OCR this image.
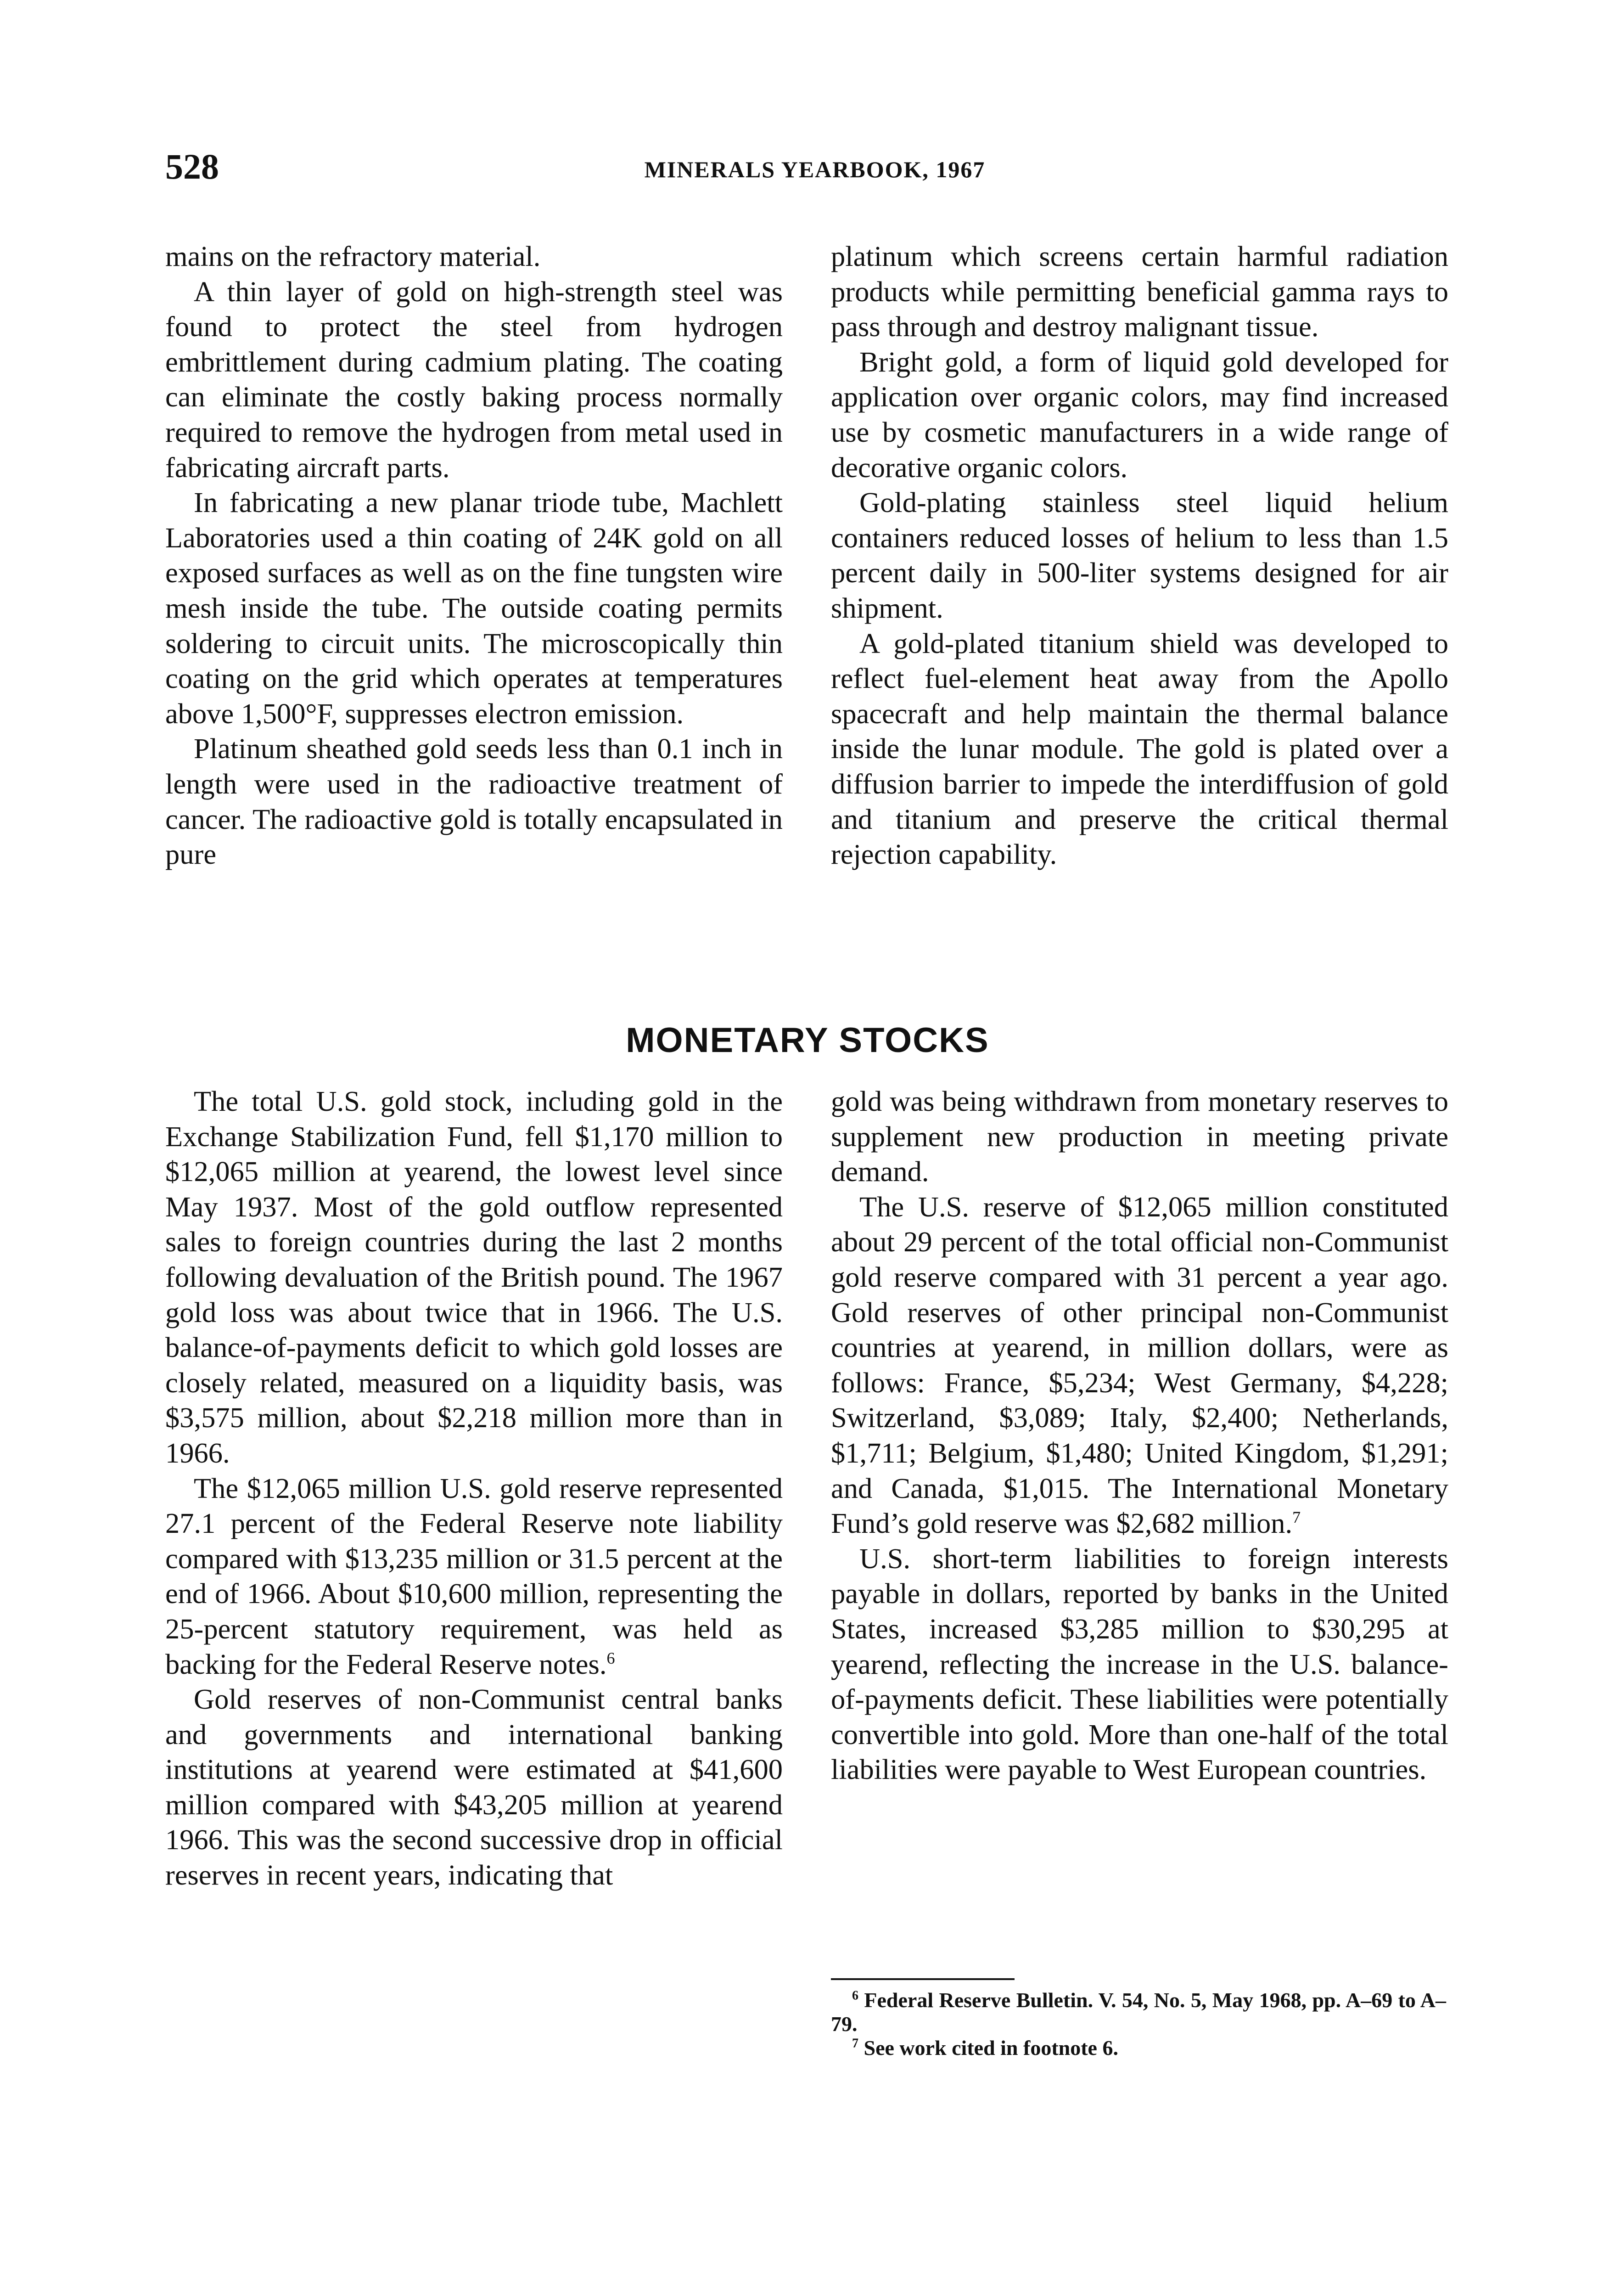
528	MINERALS YEARBOOK, 1967

mains on the refractory material.

A thin layer of gold on high-strength steel was found to protect the steel from hydrogen embrittlement during cadmium plating. The coating can eliminate the costly baking process normally required to remove the hydrogen from metal used in fabricating aircraft parts.

In fabricating a new planar triode tube, Machlett Laboratories used a thin coating of 24K gold on all exposed surfaces as well as on the fine tungsten wire mesh inside the tube. The outside coating permits soldering to circuit units. The microscopically thin coating on the grid which operates at temperatures above 1,500°F, suppresses electron emission.

Platinum sheathed gold seeds less than 0.1 inch in length were used in the radioactive treatment of cancer. The radioactive gold is totally encapsulated in pure

platinum which screens certain harmful radiation products while permitting beneficial gamma rays to pass through and destroy malignant tissue.

Bright gold, a form of liquid gold developed for application over organic colors, may find increased use by cosmetic manufacturers in a wide range of decorative organic colors.

Gold-plating stainless steel liquid helium containers reduced losses of helium to less than 1.5 percent daily in 500-liter systems designed for air shipment.

A gold-plated titanium shield was developed to reflect fuel-element heat away from the Apollo spacecraft and help maintain the thermal balance inside the lunar module. The gold is plated over a diffusion barrier to impede the interdiffusion of gold and titanium and preserve the critical thermal rejection capability.

MONETARY STOCKS

The total U.S. gold stock, including gold in the Exchange Stabilization Fund, fell $1,170 million to $12,065 million at yearend, the lowest level since May 1937. Most of the gold outflow represented sales to foreign countries during the last 2 months following devaluation of the British pound. The 1967 gold loss was about twice that in 1966. The U.S. balance-of-payments deficit to which gold losses are closely related, measured on a liquidity basis, was $3,575 million, about $2,218 million more than in 1966.

The $12,065 million U.S. gold reserve represented 27.1 percent of the Federal Reserve note liability compared with $13,235 million or 31.5 percent at the end of 1966. About $10,600 million, representing the 25-percent statutory requirement, was held as backing for the Federal Reserve notes.$^6$

Gold reserves of non-Communist central banks and governments and international banking institutions at yearend were estimated at $41,600 million compared with $43,205 million at yearend 1966. This was the second successive drop in official reserves in recent years, indicating that

gold was being withdrawn from monetary reserves to supplement new production in meeting private demand.

The U.S. reserve of $12,065 million constituted about 29 percent of the total official non-Communist gold reserve compared with 31 percent a year ago. Gold reserves of other principal non-Communist countries at yearend, in million dollars, were as follows: France, $5,234; West Germany, $4,228; Switzerland, $3,089; Italy, $2,400; Netherlands, $1,711; Belgium, $1,480; United Kingdom, $1,291; and Canada, $1,015. The International Monetary Fund’s gold reserve was $2,682 million.$^7$

U.S. short-term liabilities to foreign interests payable in dollars, reported by banks in the United States, increased $3,285 million to $30,295 at yearend, reflecting the increase in the U.S. balance-of-payments deficit. These liabilities were potentially convertible into gold. More than one-half of the total liabilities were payable to West European countries.

$^6$ Federal Reserve Bulletin. V. 54, No. 5, May 1968, pp. A–69 to A–79.

$^7$ See work cited in footnote 6.
